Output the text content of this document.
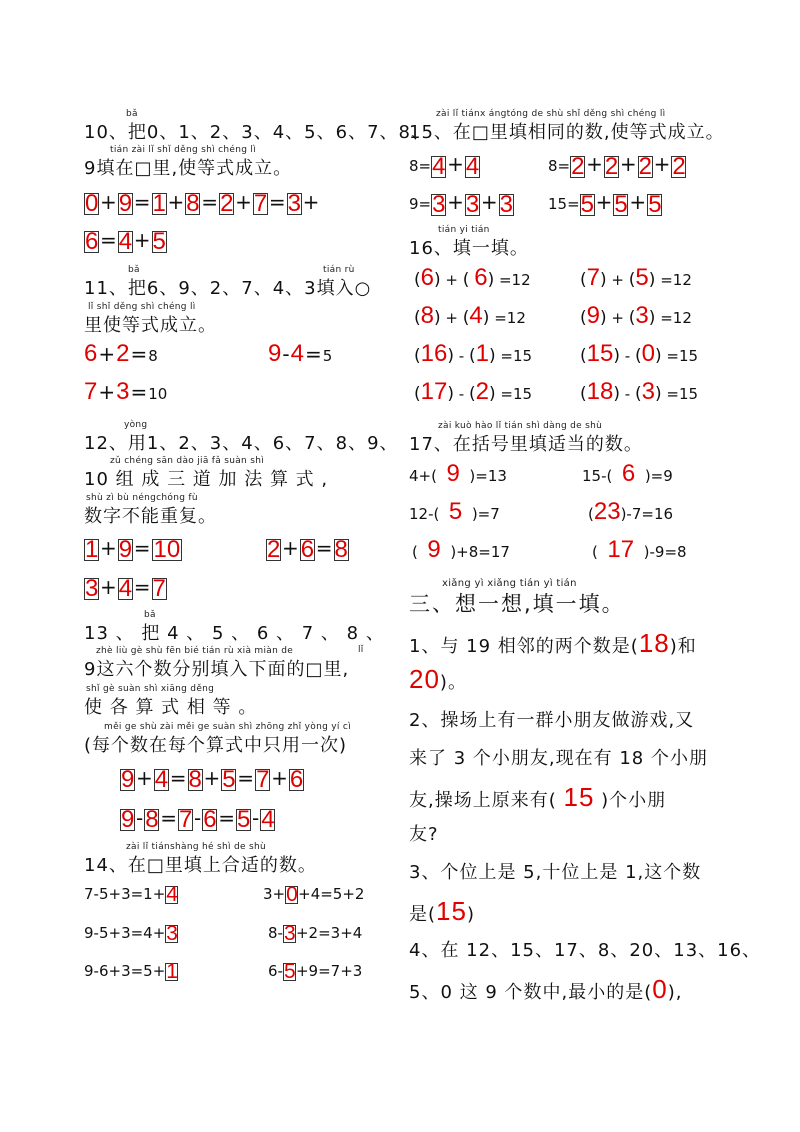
bǎ
10、把0、1、2、3、4、5、6、7、8、
tián zài lǐ shǐ děng shì chéng lì
9填在□里,使等式成立。
0+9=1+8=2+7=3+
6=4+5
bǎ	tián rù
11、把6、9、2、7、4、3填入○
lǐ shǐ děng shì chéng lì
里使等式成立。
6+2=8	9-4=5
7+3=10
yòng
12、用1、2、3、4、6、7、8、9、
zǔ chéng sān dào jiā fǎ suàn shì
10 组 成 三 道 加 法 算 式 ,
shù zì bù néngchóng fù
数字不能重复。
1+9= 10	2+6=8
3+4=7
bǎ
lǐ
13 、 把 4 、 5 、 6 、 7 、 8 、
zhè liù gè shù fēn bié tián rù xià miàn de
9这六个数分别填入下面的□里,
shǐ gè suàn shì xiāng děng
使 各 算 式 相 等 。
měi ge shù zài měi ge suàn shì zhōng zhǐ yòng yí cì
(每个数在每个算式中只用一次)
9+4=8+5=7+6
9-8=7-6=5-4
zài lǐ tiánshàng hé shì de shù
14、在□里填上合适的数。
7-5+3=1+4	3+0+4=5+2
9-5+3=4+3	8-3+2=3+4
9-6+3=5+1	6-5+9=7+3
zài lǐ tiánx ángtóng de shù shǐ děng shì chéng lì
15、在□里填相同的数,使等式成立。
8=4+4	8=2+2+2+2
9=3+3+3 15=5+5+5
tián yi tián
16、填一填。
(6) + ( 6) =12	(7) + (5) =12
(8) + (4) =12	(9) + (3) =12
(16) - (1) =15	(15) - (0) =15
(17) - (2) =15	(18) - (3) =15
zài kuò hào lǐ tián shì dàng de shù
17、在括号里填适当的数。
4+( 9 )=13	15-( 6 )=9
12-( 5 )=7	(23)-7=16
( 9 )+8=17	( 17 )-9=8
xiǎng yì xiǎng tián yì tián
三、想一想,填一填。
1、与 19 相邻的两个数是(18)和
20)。
2、操场上有一群小朋友做游戏,又
来了 3 个小朋友,现在有 18 个小朋
友,操场上原来有( 15 )个小朋
友?
3、个位上是 5,十位上是 1,这个数
是(15)
4、在 12、15、17、8、20、13、16、
5、0 这 9 个数中,最小的是(0),
